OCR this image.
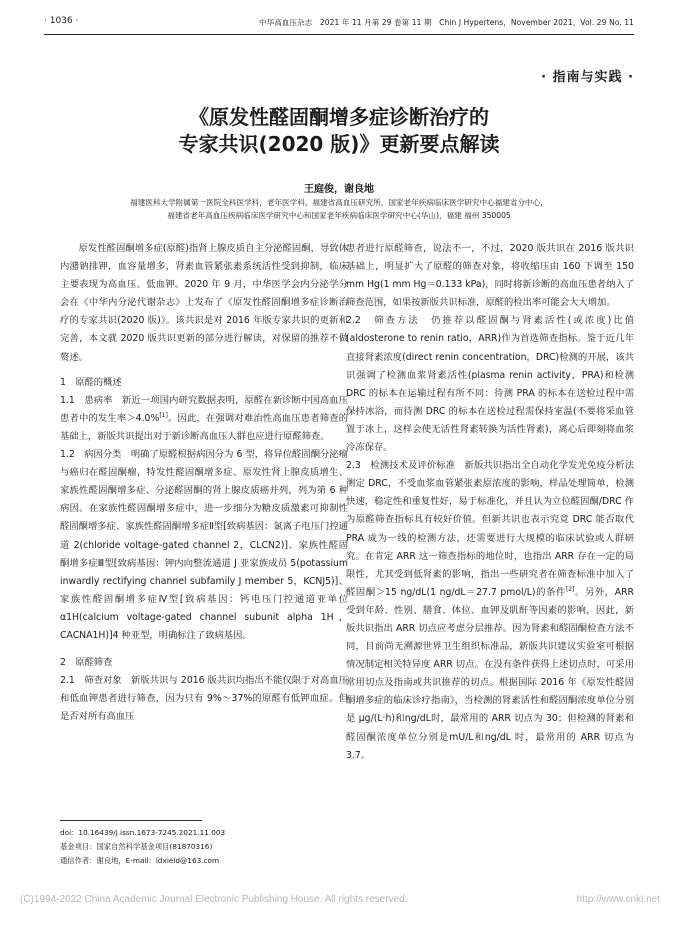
· 1036 ·	中华高血压杂志　2021 年 11 月第 29 卷第 11 期　Chin J Hypertens，November 2021，Vol. 29 No. 11
· 指南与实践 ·
《原发性醛固酮增多症诊断治疗的
专家共识(2020 版)》更新要点解读
王庭俊，谢良地
福建医科大学附属第一医院全科医学科，老年医学科，福建省高血压研究所，国家老年疾病临床医学研究中心福建省分中心，
福建省老年高血压疾病临床医学研究中心和国家老年疾病临床医学研究中心(华山)，福建 福州 350005

原发性醛固酮增多症(原醛)指肾上腺皮质自主分泌醛固酮，导致体内潴钠排钾，血容量增多，肾素血管紧张素系统活性受到抑制，临床主要表现为高血压、低血钾。2020 年 9 月，中华医学会内分泌学分会在《中华内分泌代谢杂志》上发布了《原发性醛固酮增多症诊断治疗的专家共识(2020 版)》。该共识是对 2016 年版专家共识的更新和完善，本文就 2020 版共识更新的部分进行解读，对保留的推荐不做赘述。

1　原醛的概述

1.1　患病率　新近一项国内研究数据表明，原醛在新诊断中国高血压患者中的发生率＞4.0%[1]。因此，在强调对难治性高血压患者筛查的基础上，新版共识提出对于新诊断高血压人群也应进行原醛筛查。

1.2　病因分类　明确了原醛根据病因分为 6 型，将异位醛固酮分泌瘤与癌归在醛固酮瘤，特发性醛固酮增多症、原发性肾上腺皮质增生、家族性醛固酮增多症、分泌醛固酮的肾上腺皮质癌并列，列为第 6 种病因。在家族性醛固酮增多症中，进一步细分为糖皮质激素可抑制性醛固酮增多症、家族性醛固酮增多症Ⅱ型[致病基因：氯离子电压门控通道 2(chloride voltage-gated channel 2，CLCN2)]、家族性醛固酮增多症Ⅲ型[致病基因：钾内向整流通道 J 亚家族成员 5(potassium inwardly rectifying channel subfamily J member 5，KCNJ5)]、家族性醛固酮增多症Ⅳ型[致病基因：钙电压门控通道亚单位 α1H(calcium voltage-gated channel subunit alpha 1H，CACNA1H)]4 种亚型，明确标注了致病基因。

2　原醛筛查

2.1　筛查对象　新版共识与 2016 版共识均指出不能仅限于对高血压和低血钾患者进行筛查，因为只有 9%～37%的原醛有低钾血症。但是否对所有高血压

患者进行原醛筛查，说法不一，不过，2020 版共识在 2016 版共识基础上，明显扩大了原醛的筛查对象，将收缩压由 160 下调至 150 mm Hg(1 mm Hg＝0.133 kPa)，同时将新诊断的高血压患者纳入了筛查范围，如果按新版共识标准，原醛的检出率可能会大大增加。

2.2　筛查方法　仍推荐以醛固酮与肾素活性(或浓度)比值(aldosterone to renin ratio，ARR)作为首选筛查指标。鉴于近几年直接肾素浓度(direct renin concentration，DRC)检测的开展，该共识强调了检测血浆肾素活性(plasma renin activity，PRA)和检测 DRC 的标本在运输过程有所不同：待测 PRA 的标本在送检过程中需保持冰浴，而待测 DRC 的标本在送检过程需保持室温(不要将采血管置于冰上，这样会使无活性肾素转换为活性肾素)，离心后即刻将血浆冷冻保存。

2.3　检测技术及评价标准　新版共识指出全自动化学发光免疫分析法测定 DRC，不受血浆血管紧张素原浓度的影响，样品处理简单，检测快速，稳定性和重复性好，易于标准化，并且认为立位醛固酮/DRC 作为原醛筛查指标具有较好价值。但新共识也表示究竟 DRC 能否取代 PRA 成为一线的检测方法，还需要进行大规模的临床试验或人群研究。在肯定 ARR 这一筛查指标的地位时，也指出 ARR 存在一定的局限性，尤其受到低肾素的影响，指出一些研究者在筛查标准中加入了醛固酮＞15 ng/dL(1 ng/dL＝27.7 pmol/L)的条件[2]。另外，ARR 受到年龄、性别、膳食、体位、血钾及肌酐等因素的影响，因此，新版共识指出 ARR 切点应考虑分层推荐。因为肾素和醛固酮检查方法不同，目前尚无溯源世界卫生组织标准品，新版共识建议实验室可根据情况制定相关特异度 ARR 切点。在没有条件获得上述切点时，可采用常用切点及指南或共识推荐的切点。根据国际 2016 年《原发性醛固酮增多症的临床诊疗指南》，当检测的肾素活性和醛固酮浓度单位分别是 μg/(L·h)和ng/dL时，最常用的 ARR 切点为 30；但检测的肾素和醛固酮浓度单位分别是mU/L和ng/dL 时，最常用的 ARR 切点为 3.7。

doi：10.16439/j.issn.1673-7245.2021.11.003
基金项目：国家自然科学基金项目(81870316)
通信作者：谢良地，E-mail：ldxield@163.com
(C)1994-2022 China Academic Journal Electronic Publishing House. All rights reserved.	http://www.cnki.net
